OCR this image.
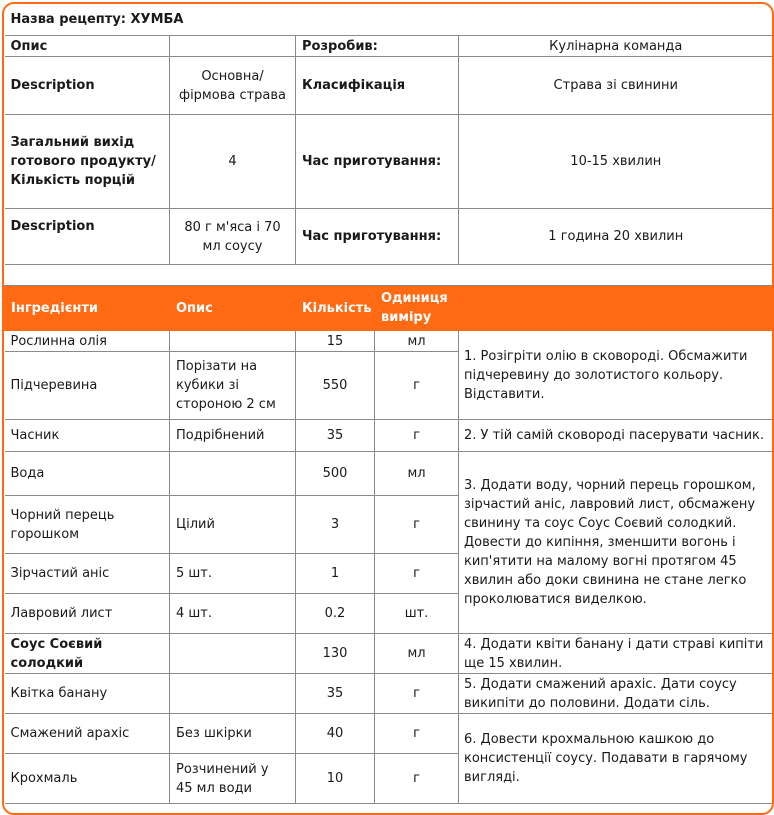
Назва рецепту: ХУМБА				
Опис		Розробив:		Кулінарна команда
Description	Основна/фірмова страва	Класифікація		Страва зі свинини
Загальний вихід готового продукту/Кількість порцій	4	Час приготування:		10-15 хвилин
Description	80 г м'яса і 70 мл соусу	Час приготування:		1 година 20 хвилин

Інгредієнти	Опис	Кількість	Одиниця виміру	
Рослинна олія		15	мл	1. Розігріти олію в сковороді. Обсмажити підчеревину до золотистого кольору. Відставити.
Підчеревина	Порізати на кубики зі стороною 2 см	550	г	
Часник	Подрібнений	35	г	2. У тій самій сковороді пасерувати часник.
Вода		500	мл	3. Додати воду, чорний перець горошком, зірчастий аніс, лавровий лист, обсмажену свинину та соус Соус Соєвий солодкий. Довести до кипіння, зменшити вогонь і кип'ятити на малому вогні протягом 45 хвилин або доки свинина не стане легко проколюватися виделкою.
Чорний перець горошком	Цілий	3	г	
Зірчастий аніс	5 шт.	1	г	
Лавровий лист	4 шт.	0.2	шт.	
Соус Соєвий солодкий		130	мл	4. Додати квіти банану і дати страві кипіти ще 15 хвилин.
Квітка банану		35	г	5. Додати смажений арахіс. Дати соусу википіти до половини. Додати сіль.
Смажений арахіс	Без шкірки	40	г	6. Довести крохмальною кашкою до консистенції соусу. Подавати в гарячому вигляді.
Крохмаль	Розчинений у 45 мл води	10	г	
